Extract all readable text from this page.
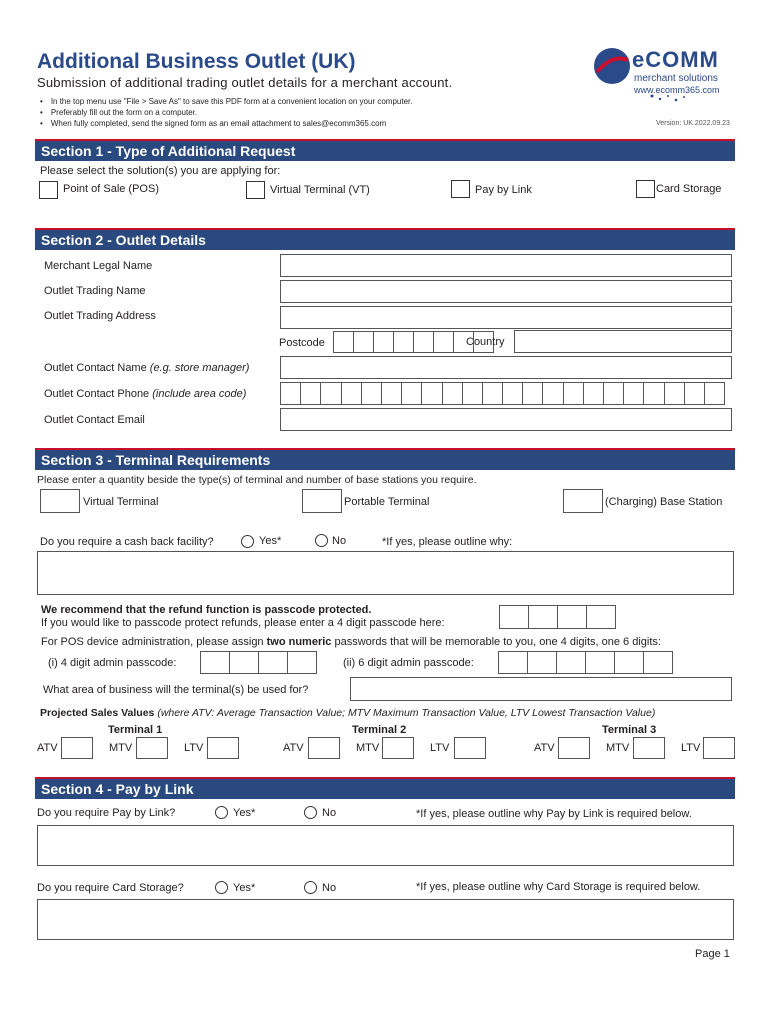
Additional Business Outlet (UK)
Submission of additional trading outlet details for a merchant account.
• In the top menu use "File > Save As" to save this PDF form at a convenient location on your computer.
• Preferably fill out the form on a computer.
• When fully completed, send the signed form as an email attachment to sales@ecomm365.com
eCOMM
merchant solutions
www.ecomm365.com
Version: UK.2022.09.23
Section 1 - Type of Additional Request
Please select the solution(s) you are applying for:
Point of Sale (POS)	Virtual Terminal (VT)	Pay by Link	Card Storage
Section 2 - Outlet Details
Merchant Legal Name
Outlet Trading Name
Outlet Trading Address
Postcode	Country
Outlet Contact Name (e.g. store manager)
Outlet Contact Phone (include area code)
Outlet Contact Email
Section 3 - Terminal Requirements
Please enter a quantity beside the type(s) of terminal and number of base stations you require.
Virtual Terminal	Portable Terminal	(Charging) Base Station
Do you require a cash back facility?	Yes*	No	*If yes, please outline why:
We recommend that the refund function is passcode protected.
If you would like to passcode protect refunds, please enter a 4 digit passcode here:
For POS device administration, please assign two numeric passwords that will be memorable to you, one 4 digits, one 6 digits:
(i) 4 digit admin passcode:	(ii) 6 digit admin passcode:
What area of business will the terminal(s) be used for?
Projected Sales Values (where ATV: Average Transaction Value; MTV Maximum Transaction Value, LTV Lowest Transaction Value)
Terminal 1
ATV	MTV	LTV
Terminal 2
ATV	MTV	LTV
Terminal 3
ATV	MTV	LTV
Section 4 - Pay by Link
Do you require Pay by Link?	Yes*	No	*If yes, please outline why Pay by Link is required below.
Do you require Card Storage?	Yes*	No	*If yes, please outline why Card Storage is required below.
Page 1
